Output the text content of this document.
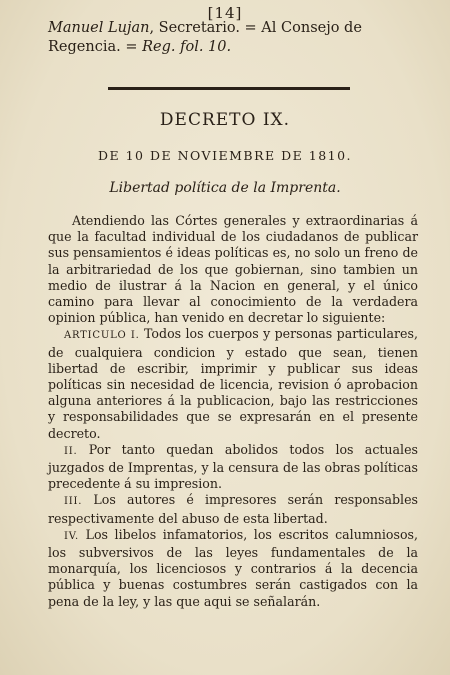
[14]
Manuel Lujan, Secretario. = Al Consejo de Regencia. = Reg. fol. 10.
DECRETO IX.
DE 10 DE NOVIEMBRE DE 1810.
Libertad política de la Imprenta.

Atendiendo las Córtes generales y extraordinarias á que la facultad individual de los ciudadanos de publicar sus pensamientos é ideas políticas es, no solo un freno de la arbitrariedad de los que gobiernan, sino tambien un medio de ilustrar á la Nacion en general, y el único camino para llevar al conocimiento de la verdadera opinion pública, han venido en decretar lo siguiente:

ARTICULO I. Todos los cuerpos y personas particulares, de cualquiera condicion y estado que sean, tienen libertad de escribir, imprimir y publicar sus ideas políticas sin necesidad de licencia, revision ó aprobacion alguna anteriores á la publicacion, bajo las restricciones y responsabilidades que se expresarán en el presente decreto.

II. Por tanto quedan abolidos todos los actuales juzgados de Imprentas, y la censura de las obras políticas precedente á su impresion.

III. Los autores é impresores serán responsables respectivamente del abuso de esta libertad.

IV. Los libelos infamatorios, los escritos calumniosos, los subversivos de las leyes fundamentales de la monarquía, los licenciosos y contrarios á la decencia pública y buenas costumbres serán castigados con la pena de la ley, y las que aqui se señalarán.
